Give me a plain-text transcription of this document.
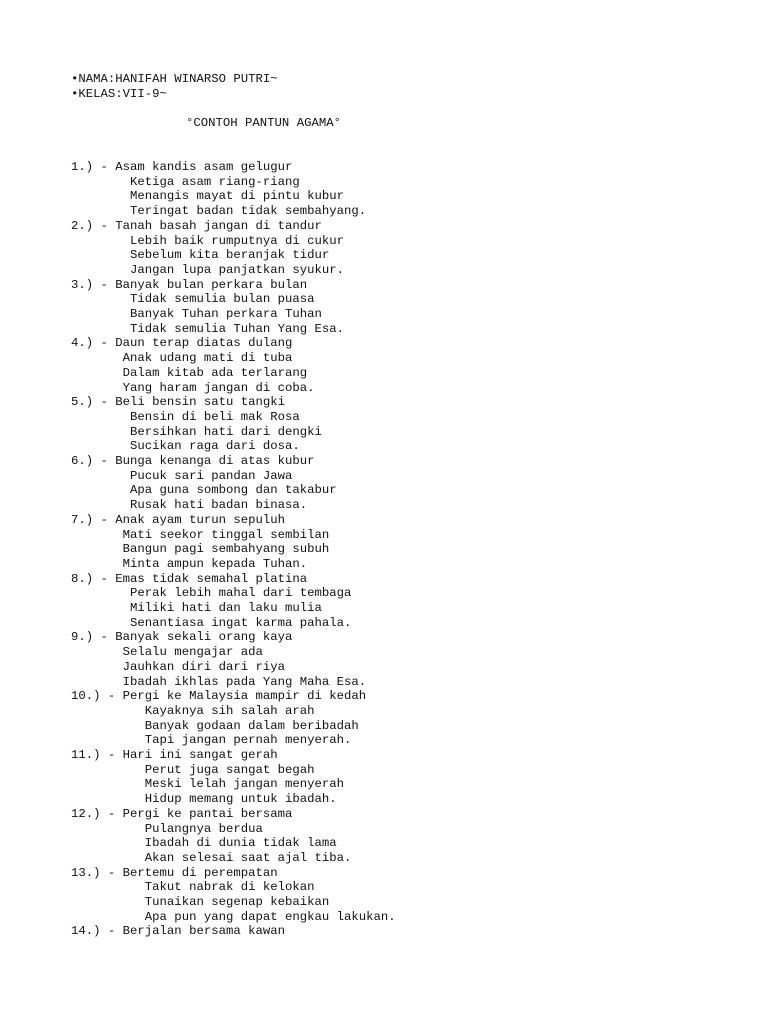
•NAMA:HANIFAH WINARSO PUTRI~
•KELAS:VII-9~
°CONTOH PANTUN AGAMA°
1.) - Asam kandis asam gelugur
Ketiga asam riang-riang
Menangis mayat di pintu kubur
Teringat badan tidak sembahyang.
2.) - Tanah basah jangan di tandur
Lebih baik rumputnya di cukur
Sebelum kita beranjak tidur
Jangan lupa panjatkan syukur.
3.) - Banyak bulan perkara bulan
Tidak semulia bulan puasa
Banyak Tuhan perkara Tuhan
Tidak semulia Tuhan Yang Esa.
4.) - Daun terap diatas dulang
Anak udang mati di tuba
Dalam kitab ada terlarang
Yang haram jangan di coba.
5.) - Beli bensin satu tangki
Bensin di beli mak Rosa
Bersihkan hati dari dengki
Sucikan raga dari dosa.
6.) - Bunga kenanga di atas kubur
Pucuk sari pandan Jawa
Apa guna sombong dan takabur
Rusak hati badan binasa.
7.) - Anak ayam turun sepuluh
Mati seekor tinggal sembilan
Bangun pagi sembahyang subuh
Minta ampun kepada Tuhan.
8.) - Emas tidak semahal platina
Perak lebih mahal dari tembaga
Miliki hati dan laku mulia
Senantiasa ingat karma pahala.
9.) - Banyak sekali orang kaya
Selalu mengajar ada
Jauhkan diri dari riya
Ibadah ikhlas pada Yang Maha Esa.
10.) - Pergi ke Malaysia mampir di kedah
Kayaknya sih salah arah
Banyak godaan dalam beribadah
Tapi jangan pernah menyerah.
11.) - Hari ini sangat gerah
Perut juga sangat begah
Meski lelah jangan menyerah
Hidup memang untuk ibadah.
12.) - Pergi ke pantai bersama
Pulangnya berdua
Ibadah di dunia tidak lama
Akan selesai saat ajal tiba.
13.) - Bertemu di perempatan
Takut nabrak di kelokan
Tunaikan segenap kebaikan
Apa pun yang dapat engkau lakukan.
14.) - Berjalan bersama kawan
